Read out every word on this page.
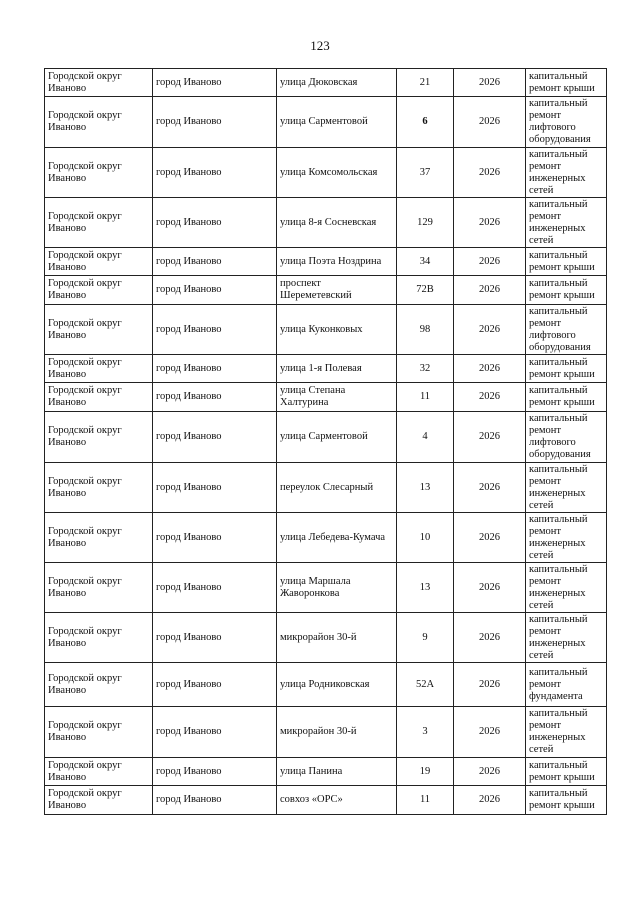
123
Городской округ Иваново	город Иваново	улица Дюковская	21	2026	капитальный ремонт крыши
Городской округ Иваново	город Иваново	улица Сарментовой	6	2026	капитальный ремонт лифтового оборудования
Городской округ Иваново	город Иваново	улица Комсомольская	37	2026	капитальный ремонт инженерных сетей
Городской округ Иваново	город Иваново	улица 8-я Сосневская	129	2026	капитальный ремонт инженерных сетей
Городской округ Иваново	город Иваново	улица Поэта Ноздрина	34	2026	капитальный ремонт крыши
Городской округ Иваново	город Иваново	проспект Шереметевский	72В	2026	капитальный ремонт крыши
Городской округ Иваново	город Иваново	улица Куконковых	98	2026	капитальный ремонт лифтового оборудования
Городской округ Иваново	город Иваново	улица 1-я Полевая	32	2026	капитальный ремонт крыши
Городской округ Иваново	город Иваново	улица Степана Халтурина	11	2026	капитальный ремонт крыши
Городской округ Иваново	город Иваново	улица Сарментовой	4	2026	капитальный ремонт лифтового оборудования
Городской округ Иваново	город Иваново	переулок Слесарный	13	2026	капитальный ремонт инженерных сетей
Городской округ Иваново	город Иваново	улица Лебедева-Кумача	10	2026	капитальный ремонт инженерных сетей
Городской округ Иваново	город Иваново	улица Маршала Жаворонкова	13	2026	капитальный ремонт инженерных сетей
Городской округ Иваново	город Иваново	микрорайон 30-й	9	2026	капитальный ремонт инженерных сетей
Городской округ Иваново	город Иваново	улица Родниковская	52А	2026	капитальный ремонт фундамента
Городской округ Иваново	город Иваново	микрорайон 30-й	3	2026	капитальный ремонт инженерных сетей
Городской округ Иваново	город Иваново	улица Панина	19	2026	капитальный ремонт крыши
Городской округ Иваново	город Иваново	совхоз «ОРС»	11	2026	капитальный ремонт крыши
